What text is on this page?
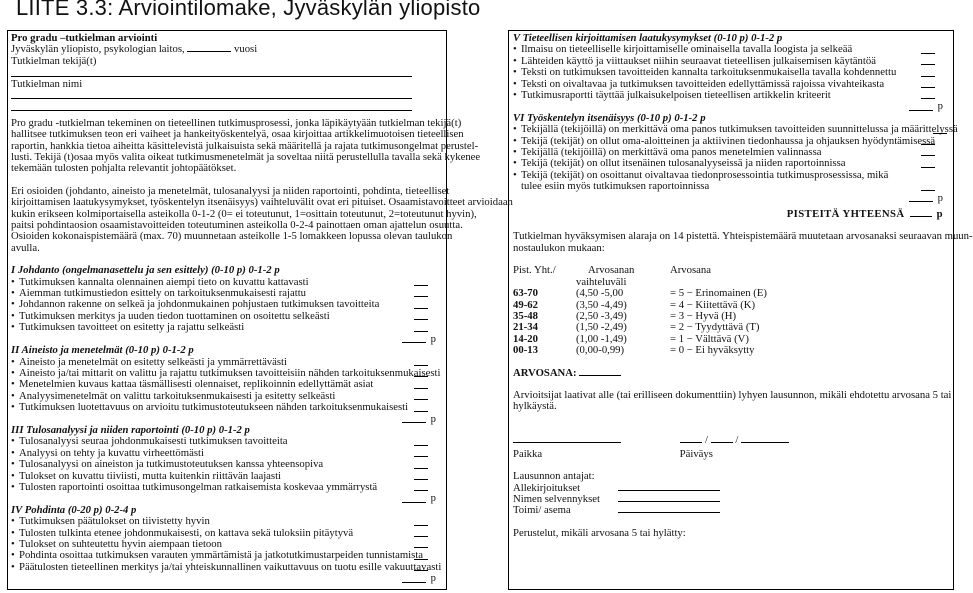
LIITE 3.3: Arviointilomake, Jyväskylän yliopisto
Pro gradu –tutkielman arviointi
Jyväskylän yliopisto, psykologian laitos,	vuosi
Tutkielman tekijä(t)
Tutkielman nimi
Pro gradu -tutkielman tekeminen on tieteellinen tutkimusprosessi, jonka läpikäytyään tutkielman tekijä(t)
hallitsee tutkimuksen teon eri vaiheet ja hankeityöskentelyä, osaa kirjoittaa artikkelimuotoisen tieteellisen
raportin, hankkia tietoa aiheitta käsittelevistä julkaisuista sekä määritellä ja rajata tutkimusongelmat perustel-
lusti. Tekijä (t)osaa myös valita oikeat tutkimusmenetelmät ja soveltaa niitä perustellulla tavalla sekä kykenee
tekemään tulosten pohjalta relevantit johtopäätökset.
Eri osioiden (johdanto, aineisto ja menetelmät, tulosanalyysi ja niiden raportointi, pohdinta, tieteelliset
kirjoittamisen laatukysymykset, työskentelyn itsenäisyys) vaihteluvälit ovat eri pituiset. Osaamistavoitteet arvioidaan
kukin erikseen kolmiportaisella asteikolla 0-1-2 (0= ei toteutunut, 1=osittain toteutunut, 2=toteutunut hyvin),
paitsi pohdintaosion osaamistavoitteiden toteutuminen asteikolla 0-2-4 painottaen oman ajattelun osuutta.
Osioiden kokonaispistemäärä (max. 70) muunnetaan asteikolle 1-5 lomakkeen lopussa olevan taulukon
avulla.
I Johdanto (ongelmanasettelu ja sen esittely) (0-10 p) 0-1-2 p
• Tutkimuksen kannalta olennainen aiempi tieto on kuvattu kattavasti
• Aiemman tutkimustiedon esittely on tarkoituksenmukaisesti rajattu
• Johdannon rakenne on selkeä ja johdonmukainen pohjustaen tutkimuksen tavoitteita
• Tutkimuksen merkitys ja uuden tiedon tuottaminen on osoitettu selkeästi
• Tutkimuksen tavoitteet on esitetty ja rajattu selkeästi
p
II Aineisto ja menetelmät (0-10 p) 0-1-2 p
• Aineisto ja menetelmät on esitetty selkeästi ja ymmärrettävästi
• Aineisto ja/tai mittarit on valittu ja rajattu tutkimuksen tavoitteisiin nähden tarkoituksenmukaisesti
• Menetelmien kuvaus kattaa täsmällisesti olennaiset, replikoinnin edellyttämät asiat
• Analyysimenetelmät on valittu tarkoituksenmukaisesti ja esitetty selkeästi
• Tutkimuksen luotettavuus on arvioitu tutkimustoteutukseen nähden tarkoituksenmukaisesti
p
III Tulosanalyysi ja niiden raportointi (0-10 p) 0-1-2 p
• Tulosanalyysi seuraa johdonmukaisesti tutkimuksen tavoitteita
• Analyysi on tehty ja kuvattu virheettömästi
• Tulosanalyysi on aineiston ja tutkimustoteutuksen kanssa yhteensopiva
• Tulokset on kuvattu tiiviisti, mutta kuitenkin riittävän laajasti
• Tulosten raportointi osoittaa tutkimusongelman ratkaisemista koskevaa ymmärrystä
p
IV Pohdinta (0-20 p) 0-2-4 p
• Tutkimuksen päätulokset on tiivistetty hyvin
• Tulosten tulkinta etenee johdonmukaisesti, on kattava sekä tuloksiin pitäytyvä
• Tulokset on suhteutettu hyvin aiempaan tietoon
• Pohdinta osoittaa tutkimuksen varauten ymmärtämistä ja jatkotutkimustarpeiden tunnistamista
• Päätulosten tieteellinen merkitys ja/tai yhteiskunnallinen vaikuttavuus on tuotu esille vakuuttavasti
p
V Tieteellisen kirjoittamisen laatukysymykset (0-10 p) 0-1-2 p
• Ilmaisu on tieteelliselle kirjoittamiselle ominaisella tavalla loogista ja selkeää
• Lähteiden käyttö ja viittaukset niihin seuraavat tieteellisen julkaisemisen käytäntöä
• Teksti on tutkimuksen tavoitteiden kannalta tarkoituksenmukaisella tavalla kohdennettu
• Teksti on oivaltavaa ja tutkimuksen tavoitteiden edellyttämissä rajoissa vivahteikasta
• Tutkimusraportti täyttää julkaisukelpoisen tieteellisen artikkelin kriteerit
p
VI Työskentelyn itsenäisyys (0-10 p) 0-1-2 p
• Tekijällä (tekijöillä) on merkittävä oma panos tutkimuksen tavoitteiden suunnittelussa ja määrittelyssä
• Tekijä (tekijät) on ollut oma-aloitteinen ja aktiivinen tiedonhaussa ja ohjauksen hyödyntämisessä
• Tekijällä (tekijöillä) on merkittävä oma panos menetelmien valinnassa
• Tekijä (tekijät) on ollut itsenäinen tulosanalyyseissä ja niiden raportoinnissa
• Tekijä (tekijät) on osoittanut oivaltavaa tiedonprosessointia tutkimusprosessissa, mikä tulee esiin myös tutkimuksen raportoinnissa
p
PISTEITÄ YHTEENSÄ	p
Tutkielman hyväksymisen alaraja on 14 pistettä. Yhteispistemäärä muutetaan arvosanaksi seuraavan muun-
nostaulukon mukaan:
Pist. Yht./	Arvosanan	Arvosana
	vaihteluväli	
63-70	(4,50 -5,00	= 5 − Erinomainen (E)
49-62	(3,50 -4,49)	= 4 − Kiitettävä (K)
35-48	(2,50 -3,49)	= 3 − Hyvä (H)
21-34	(1,50 -2,49)	= 2 − Tyydyttävä (T)
14-20	(1,00 -1,49)	= 1 − Välttävä (V)
00-13	(0,00-0,99)	= 0 − Ei hyväksytty
ARVOSANA:
Arvioitsijat laativat alle (tai erilliseen dokumenttiin) lyhyen lausunnon, mikäli ehdotettu arvosana 5 tai
hylkäystä.
/	/
Paikka	Päiväys
Lausunnon antajat:
Allekirjoitukset
Nimen selvennykset
Toimi/ asema
Perustelut, mikäli arvosana 5 tai hylätty:
